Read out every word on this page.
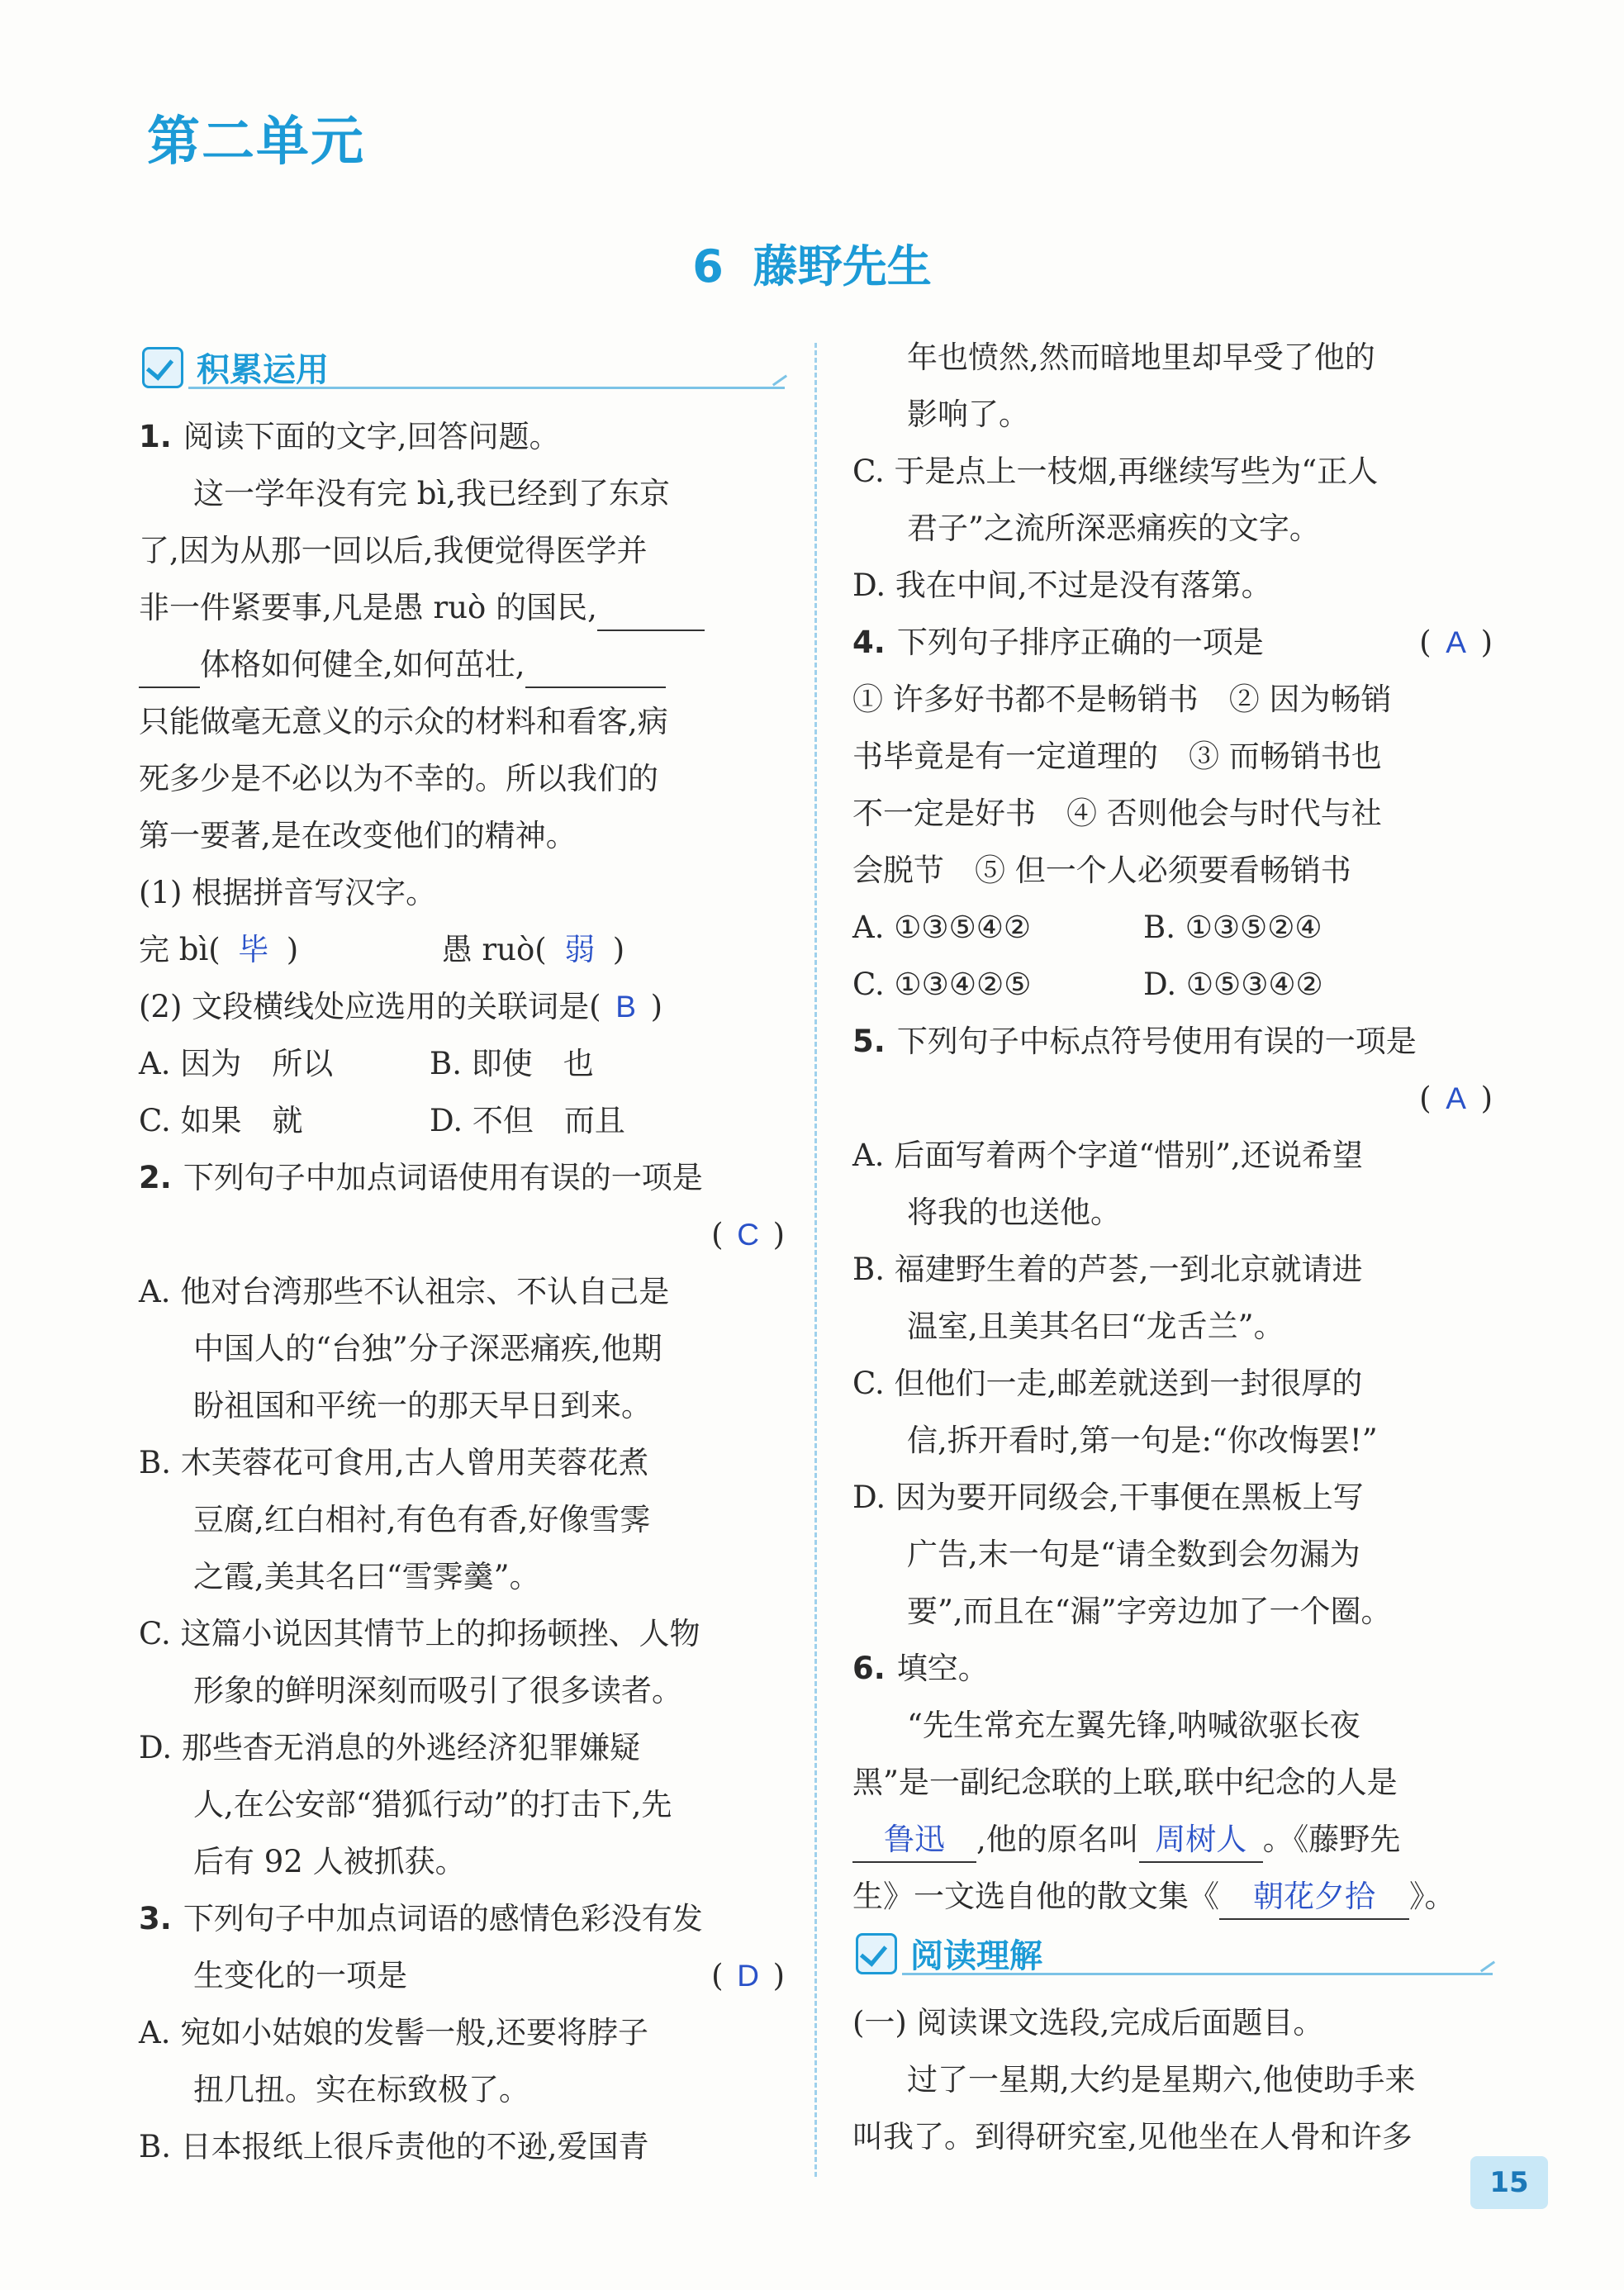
第二单元
6 藤野先生
积累运用
1. 阅读下面的文字,回答问题。
这一学年没有完 bì,我已经到了东京
了,因为从那一回以后,我便觉得医学并
非一件紧要事,凡是愚 ruò 的国民,
体格如何健全,如何茁壮,
只能做毫无意义的示众的材料和看客,病
死多少是不必以为不幸的。所以我们的
第一要著,是在改变他们的精神。
(1) 根据拼音写汉字。
完 bì( 毕 )	愚 ruò( 弱 )
(2) 文段横线处应选用的关联词是( B )
A. 因为　所以	B. 即使　也
C. 如果　就	D. 不但　而且
2. 下列句子中加点词语使用有误的一项是
( C )
A. 他对台湾那些不认祖宗、不认自己是
中国人的“台独”分子深恶痛疾,他期
盼祖国和平统一的那天早日到来。
B. 木芙蓉花可食用,古人曾用芙蓉花煮
豆腐,红白相衬,有色有香,好像雪霁
之霞,美其名曰“雪霁羹”。
C. 这篇小说因其情节上的抑扬顿挫、人物
形象的鲜明深刻而吸引了很多读者。
D. 那些杳无消息的外逃经济犯罪嫌疑
人,在公安部“猎狐行动”的打击下,先
后有 92 人被抓获。
3. 下列句子中加点词语的感情色彩没有发
生变化的一项是	( D )
A. 宛如小姑娘的发髻一般,还要将脖子
扭几扭。实在标致极了。
B. 日本报纸上很斥责他的不逊,爱国青
年也愤然,然而暗地里却早受了他的
影响了。
C. 于是点上一枝烟,再继续写些为“正人
君子”之流所深恶痛疾的文字。
D. 我在中间,不过是没有落第。
4. 下列句子排序正确的一项是	( A )
① 许多好书都不是畅销书　② 因为畅销
书毕竟是有一定道理的　③ 而畅销书也
不一定是好书　④ 否则他会与时代与社
会脱节　⑤ 但一个人必须要看畅销书
A. ①③⑤④②	B. ①③⑤②④
C. ①③④②⑤	D. ①⑤③④②
5. 下列句子中标点符号使用有误的一项是
( A )
A. 后面写着两个字道“惜别”,还说希望
将我的也送他。
B. 福建野生着的芦荟,一到北京就请进
温室,且美其名曰“龙舌兰”。
C. 但他们一走,邮差就送到一封很厚的
信,拆开看时,第一句是:“你改悔罢!”
D. 因为要开同级会,干事便在黑板上写
广告,末一句是“请全数到会勿漏为
要”,而且在“漏”字旁边加了一个圈。
6. 填空。
“先生常充左翼先锋,呐喊欲驱长夜
黑”是一副纪念联的上联,联中纪念的人是
鲁迅 ,他的原名叫 周树人 。《藤野先
生》一文选自他的散文集《 朝花夕拾 》。
阅读理解
(一) 阅读课文选段,完成后面题目。
过了一星期,大约是星期六,他使助手来
叫我了。到得研究室,见他坐在人骨和许多
15
